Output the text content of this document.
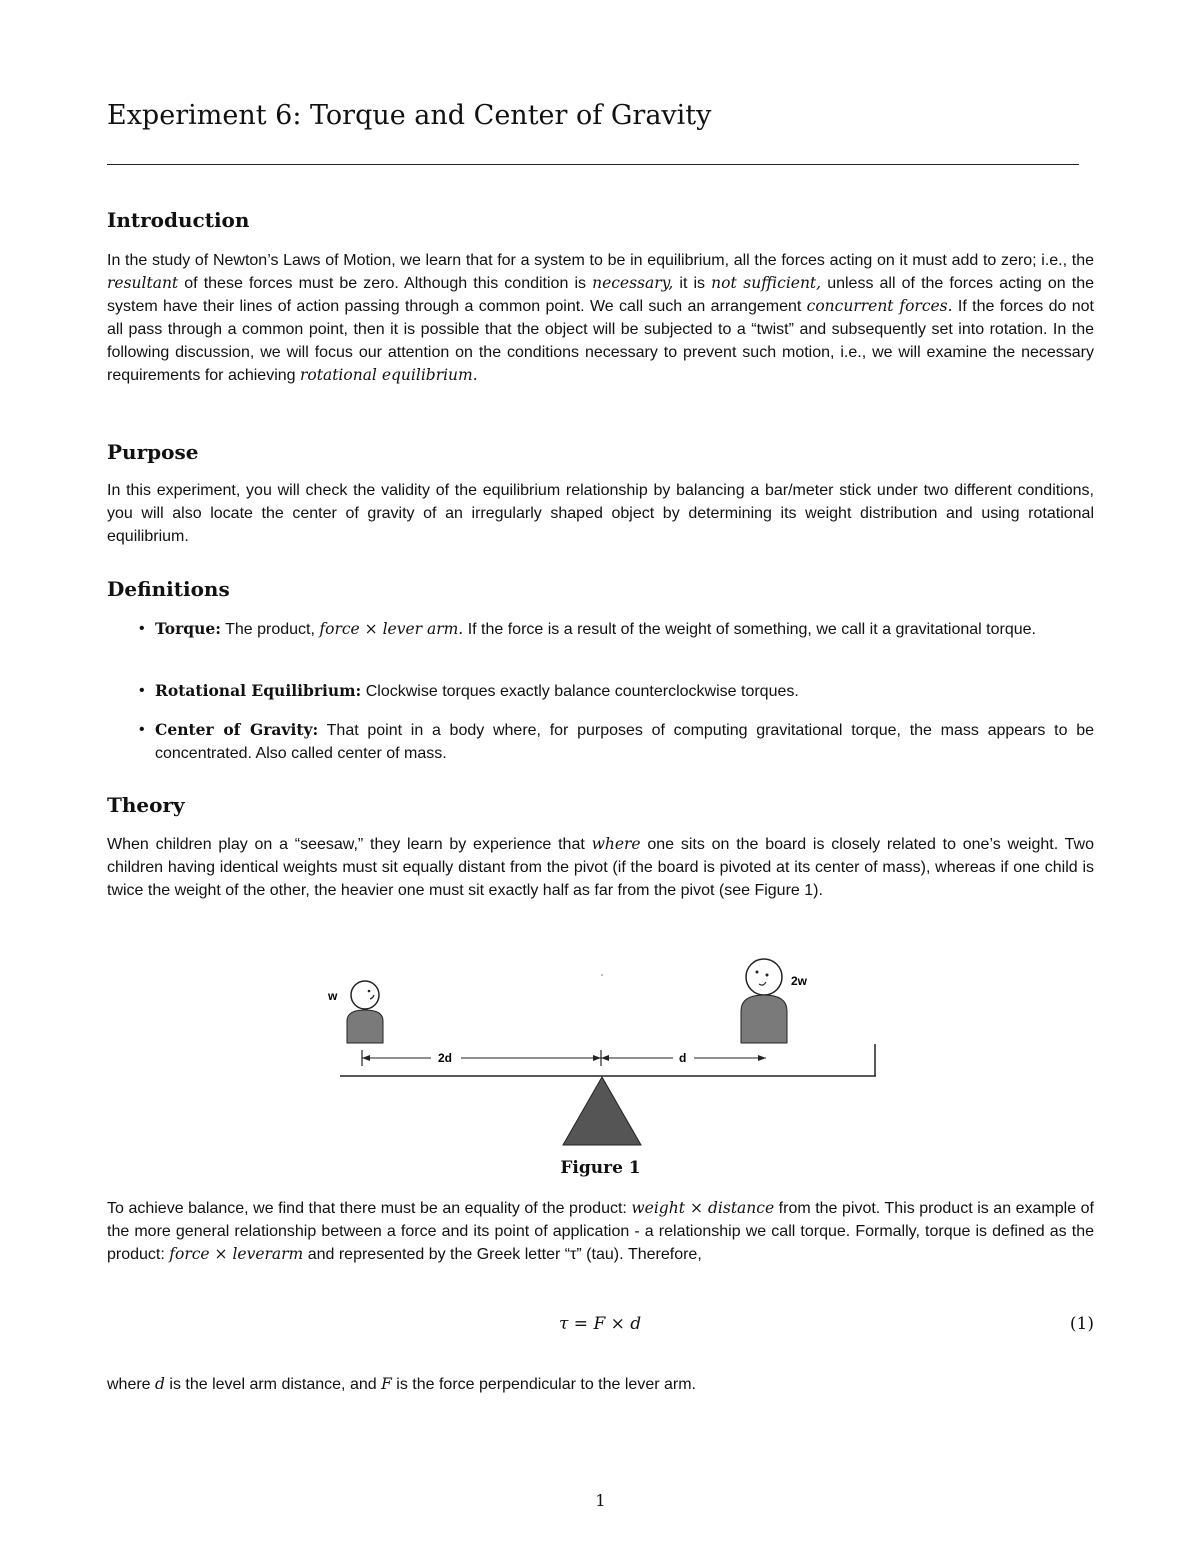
Experiment 6: Torque and Center of Gravity
Introduction

In the study of Newton’s Laws of Motion, we learn that for a system to be in equilibrium, all the forces acting on it must add to zero; i.e., the resultant of these forces must be zero. Although this condition is necessary, it is not sufficient, unless all of the forces acting on the system have their lines of action passing through a common point. We call such an arrangement concurrent forces. If the forces do not all pass through a common point, then it is possible that the object will be subjected to a “twist” and subsequently set into rotation. In the following discussion, we will focus our attention on the conditions necessary to prevent such motion, i.e., we will examine the necessary requirements for achieving rotational equilibrium.

Purpose

In this experiment, you will check the validity of the equilibrium relationship by balancing a bar/meter stick under two different conditions, you will also locate the center of gravity of an irregularly shaped object by determining its weight distribution and using rotational equilibrium.

Definitions
• Torque: The product, force × lever arm. If the force is a result of the weight of something, we call it a gravitational torque.
• Rotational Equilibrium: Clockwise torques exactly balance counterclockwise torques.
• Center of Gravity: That point in a body where, for purposes of computing gravitational torque, the mass appears to be concentrated. Also called center of mass.
Theory

When children play on a “seesaw,” they learn by experience that where one sits on the board is closely related to one’s weight. Two children having identical weights must sit equally distant from the pivot (if the board is pivoted at its center of mass), whereas if one child is twice the weight of the other, the heavier one must sit exactly half as far from the pivot (see Figure 1).

Figure 1

To achieve balance, we find that there must be an equality of the product: weight × distance from the pivot. This product is an example of the more general relationship between a force and its point of application - a relationship we call torque. Formally, torque is defined as the product: force × leverarm and represented by the Greek letter “τ” (tau). Therefore,

τ = F × d	(1)

where d is the level arm distance, and F is the force perpendicular to the lever arm.

1
w
2w
2d	d
